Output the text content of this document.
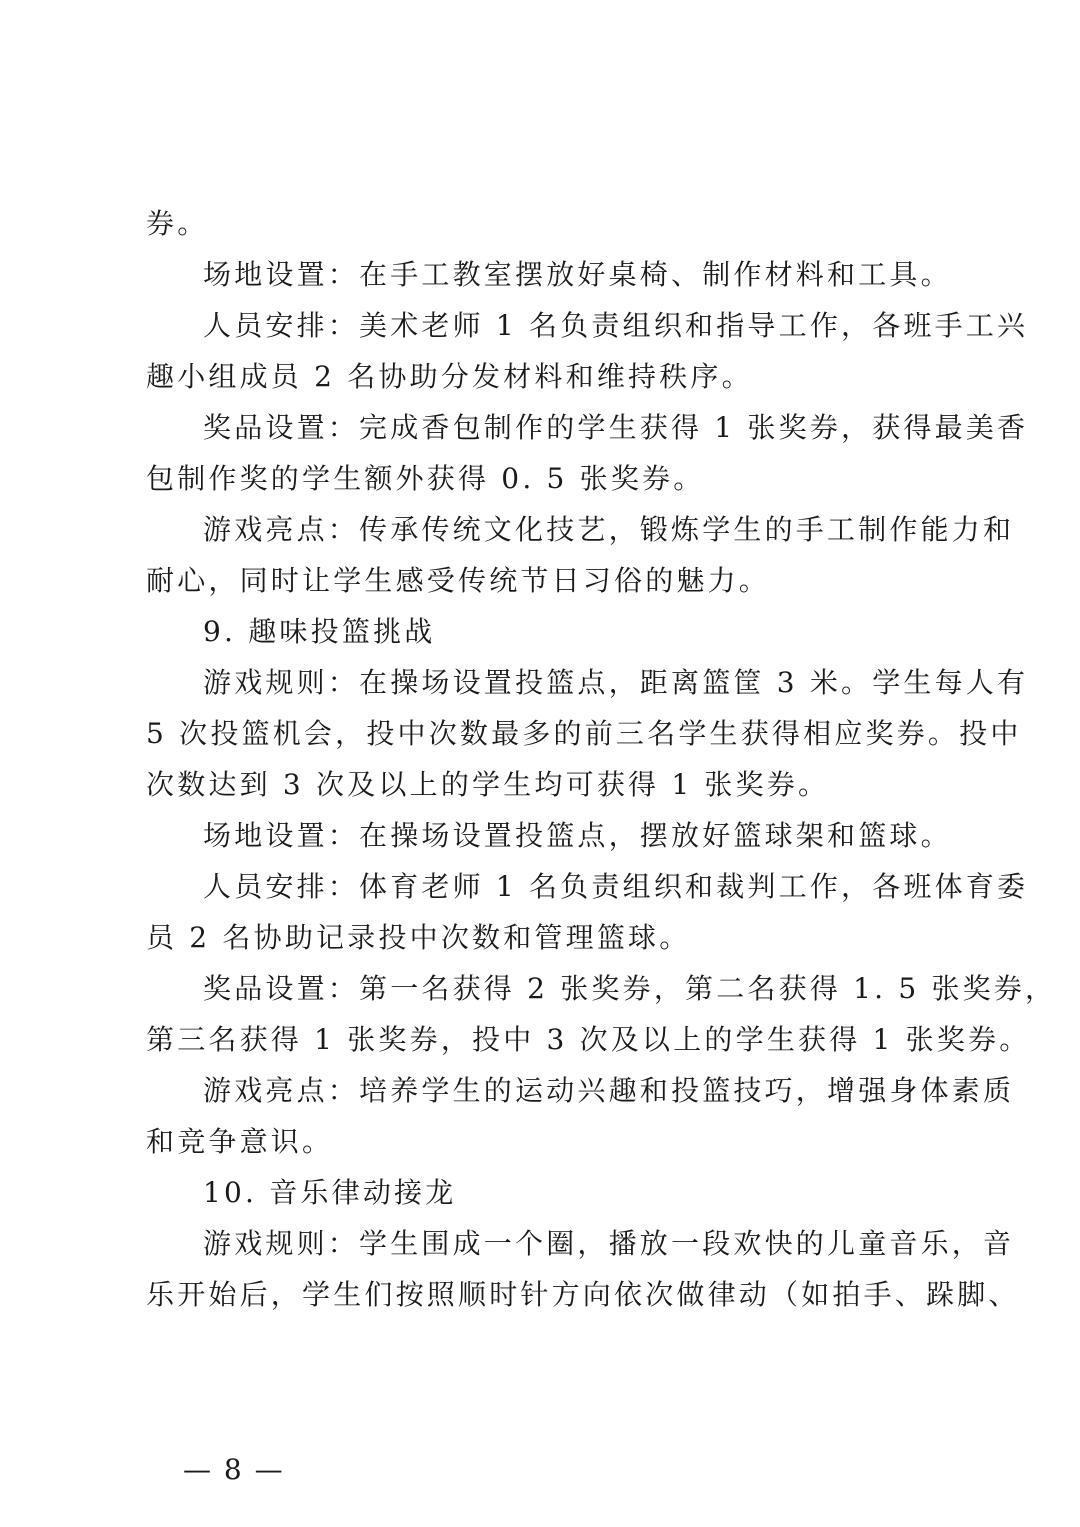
券。
场地设置：在手工教室摆放好桌椅、制作材料和工具。
人员安排：美术老师 1 名负责组织和指导工作，各班手工兴
趣小组成员 2 名协助分发材料和维持秩序。
奖品设置：完成香包制作的学生获得 1 张奖券，获得最美香
包制作奖的学生额外获得 0. 5 张奖券。
游戏亮点：传承传统文化技艺，锻炼学生的手工制作能力和
耐心，同时让学生感受传统节日习俗的魅力。
9. 趣味投篮挑战
游戏规则：在操场设置投篮点，距离篮筐 3 米。学生每人有
5 次投篮机会，投中次数最多的前三名学生获得相应奖券。投中
次数达到 3 次及以上的学生均可获得 1 张奖券。
场地设置：在操场设置投篮点，摆放好篮球架和篮球。
人员安排：体育老师 1 名负责组织和裁判工作，各班体育委
员 2 名协助记录投中次数和管理篮球。
奖品设置：第一名获得 2 张奖券，第二名获得 1. 5 张奖券，
第三名获得 1 张奖券，投中 3 次及以上的学生获得 1 张奖券。
游戏亮点：培养学生的运动兴趣和投篮技巧，增强身体素质
和竞争意识。
10. 音乐律动接龙
游戏规则：学生围成一个圈，播放一段欢快的儿童音乐，音
乐开始后，学生们按照顺时针方向依次做律动（如拍手、跺脚、
— 8 —
